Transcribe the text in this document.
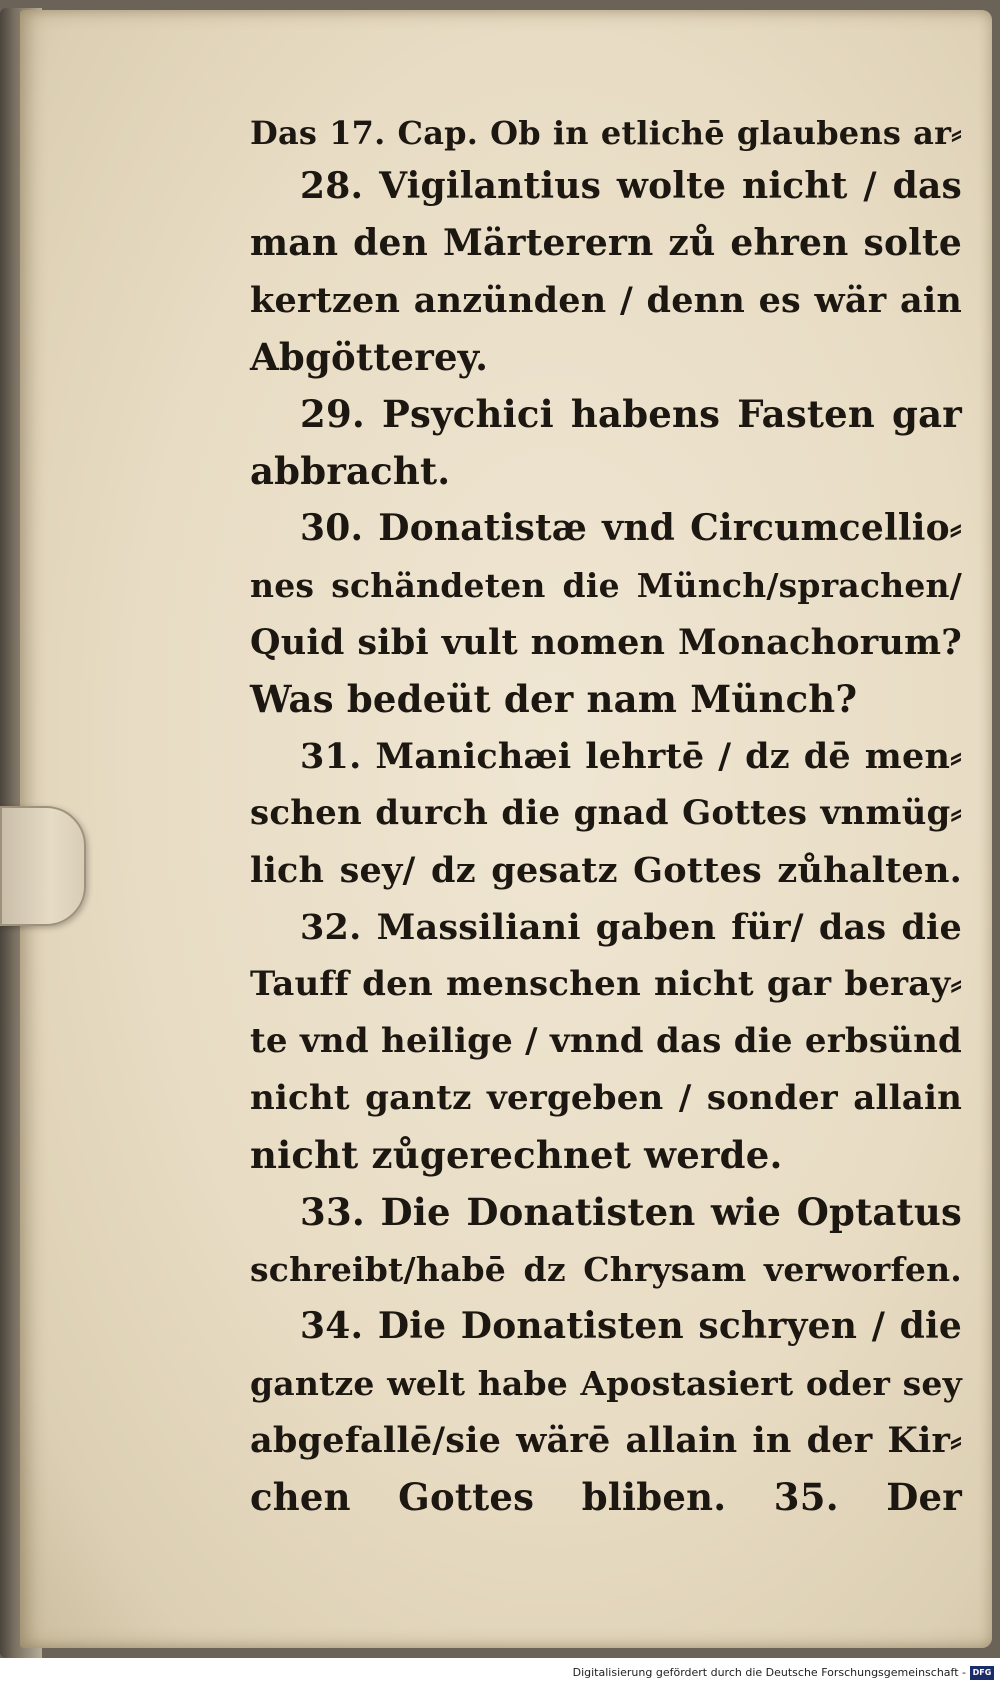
Das 17. Cap. Ob in etlichē glaubens ar⸗
28. Vigilantius wolte nicht / das
man den Märterern zů ehren solte
kertzen anzünden / denn es wär ain
Abgötterey.
29. Psychici habens Fasten gar
abbracht.
30. Donatistæ vnd Circumcellio⸗
nes schändeten die Münch/sprachen/
Quid sibi vult nomen Monachorum?
Was bedeüt der nam Münch?
31. Manichæi lehrtē / dz dē men⸗
schen durch die gnad Gottes vnmüg⸗
lich sey/ dz gesatz Gottes zůhalten.
32. Massiliani gaben für/ das die
Tauff den menschen nicht gar beray⸗
te vnd heilige / vnnd das die erbsünd
nicht gantz vergeben / sonder allain
nicht zůgerechnet werde.
33. Die Donatisten wie Optatus
schreibt/habē dz Chrysam verworfen.
34. Die Donatisten schryen / die
gantze welt habe Apostasiert oder sey
abgefallē/sie wärē allain in der Kir⸗
chen Gottes bliben. 35. Der
Digitalisierung gefördert durch die Deutsche Forschungsgemeinschaft - DFG
